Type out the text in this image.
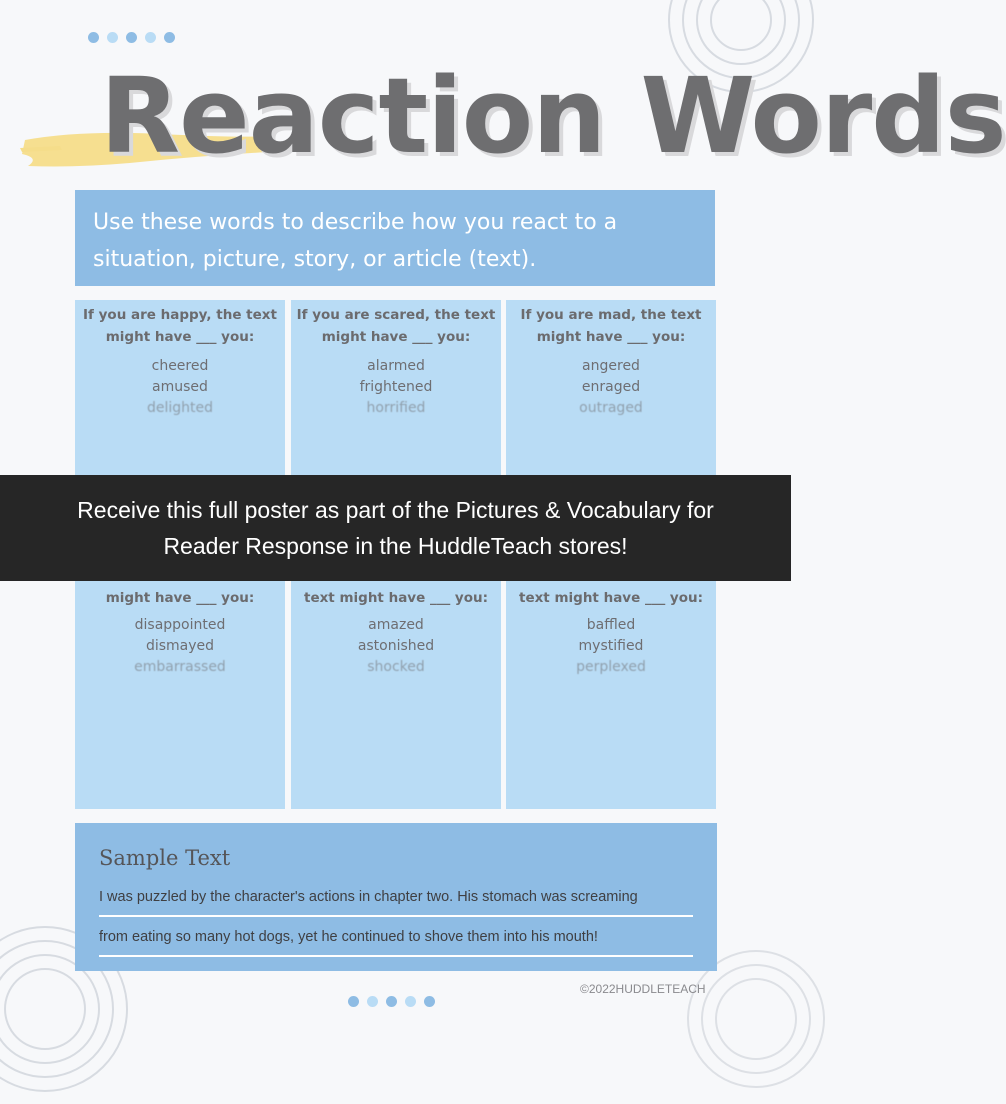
Reaction Words
Use these words to describe how you react to a situation, picture, story, or article (text).
If you are happy, the text might have ___ you:
cheered
amused
delighted
If you are scared, the text might have ___ you:
alarmed
frightened
horrified
If you are mad, the text might have ___ you:
angered
enraged
outraged
might have ___ you:
disappointed
dismayed
embarrassed
text might have ___ you:
amazed
astonished
shocked
text might have ___ you:
baffled
mystified
perplexed
Receive this full poster as part of the Pictures & Vocabulary for
Reader Response in the HuddleTeach stores!
Sample Text
I was puzzled by the character's actions in chapter two. His stomach was screaming
from eating so many hot dogs, yet he continued to shove them into his mouth!
©2022HUDDLETEACH
